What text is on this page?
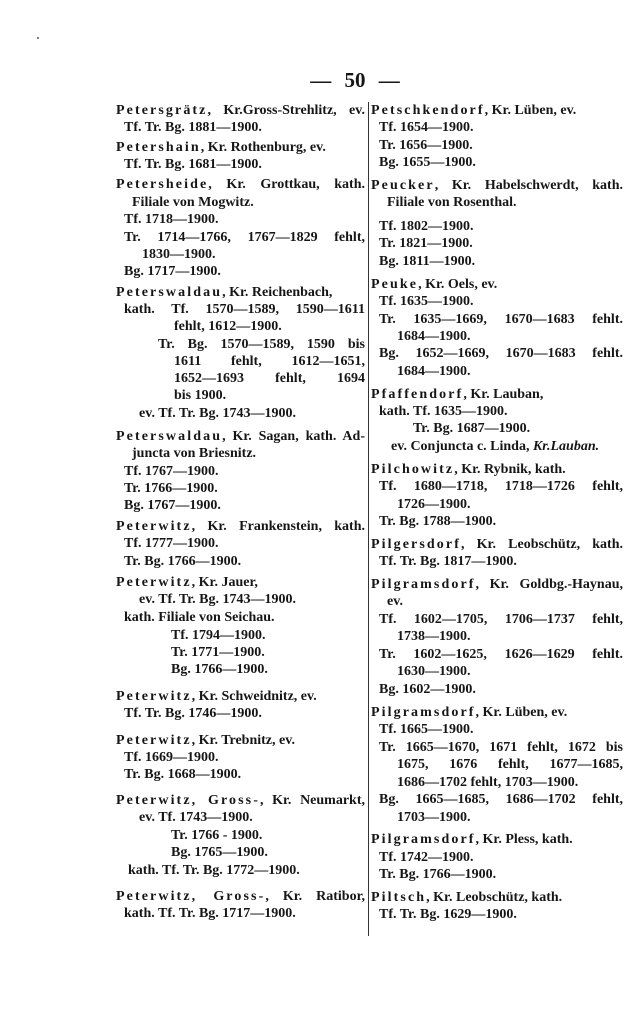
— 50 —
Petersgrätz, Kr.Gross-Strehlitz, ev.
Tf. Tr. Bg. 1881—1900.
Petershain, Kr. Rothenburg, ev.
Tf. Tr. Bg. 1681—1900.
Petersheide, Kr. Grottkau, kath.
Filiale von Mogwitz.
Tf. 1718—1900.
Tr. 1714—1766, 1767—1829 fehlt,
1830—1900.
Bg. 1717—1900.
Peterswaldau, Kr. Reichenbach,
kath. Tf. 1570—1589, 1590—1611
fehlt, 1612—1900.
Tr. Bg. 1570—1589, 1590 bis
1611 fehlt, 1612—1651,
1652—1693 fehlt, 1694
bis 1900.
ev. Tf. Tr. Bg. 1743—1900.
Peterswaldau, Kr. Sagan, kath. Ad-
juncta von Briesnitz.
Tf. 1767—1900.
Tr. 1766—1900.
Bg. 1767—1900.
Peterwitz, Kr. Frankenstein, kath.
Tf. 1777—1900.
Tr. Bg. 1766—1900.
Peterwitz, Kr. Jauer,
ev. Tf. Tr. Bg. 1743—1900.
kath. Filiale von Seichau.
Tf. 1794—1900.
Tr. 1771—1900.
Bg. 1766—1900.
Peterwitz, Kr. Schweidnitz, ev.
Tf. Tr. Bg. 1746—1900.
Peterwitz, Kr. Trebnitz, ev.
Tf. 1669—1900.
Tr. Bg. 1668—1900.
Peterwitz, Gross-, Kr. Neumarkt,
ev. Tf. 1743—1900.
Tr. 1766 - 1900.
Bg. 1765—1900.
kath. Tf. Tr. Bg. 1772—1900.
Peterwitz, Gross-, Kr. Ratibor,
kath. Tf. Tr. Bg. 1717—1900.
Petschkendorf, Kr. Lüben, ev.
Tf. 1654—1900.
Tr. 1656—1900.
Bg. 1655—1900.
Peucker, Kr. Habelschwerdt, kath.
Filiale von Rosenthal.
Tf. 1802—1900.
Tr. 1821—1900.
Bg. 1811—1900.
Peuke, Kr. Oels, ev.
Tf. 1635—1900.
Tr. 1635—1669, 1670—1683 fehlt.
1684—1900.
Bg. 1652—1669, 1670—1683 fehlt.
1684—1900.
Pfaffendorf, Kr. Lauban,
kath. Tf. 1635—1900.
Tr. Bg. 1687—1900.
ev. Conjuncta c. Linda, Kr.Lauban.
Pilchowitz, Kr. Rybnik, kath.
Tf. 1680—1718, 1718—1726 fehlt,
1726—1900.
Tr. Bg. 1788—1900.
Pilgersdorf, Kr. Leobschütz, kath.
Tf. Tr. Bg. 1817—1900.
Pilgramsdorf, Kr. Goldbg.-Haynau,
ev.
Tf. 1602—1705, 1706—1737 fehlt,
1738—1900.
Tr. 1602—1625, 1626—1629 fehlt.
1630—1900.
Bg. 1602—1900.
Pilgramsdorf, Kr. Lüben, ev.
Tf. 1665—1900.
Tr. 1665—1670, 1671 fehlt, 1672 bis
1675, 1676 fehlt, 1677—1685,
1686—1702 fehlt, 1703—1900.
Bg. 1665—1685, 1686—1702 fehlt,
1703—1900.
Pilgramsdorf, Kr. Pless, kath.
Tf. 1742—1900.
Tr. Bg. 1766—1900.
Piltsch, Kr. Leobschütz, kath.
Tf. Tr. Bg. 1629—1900.
